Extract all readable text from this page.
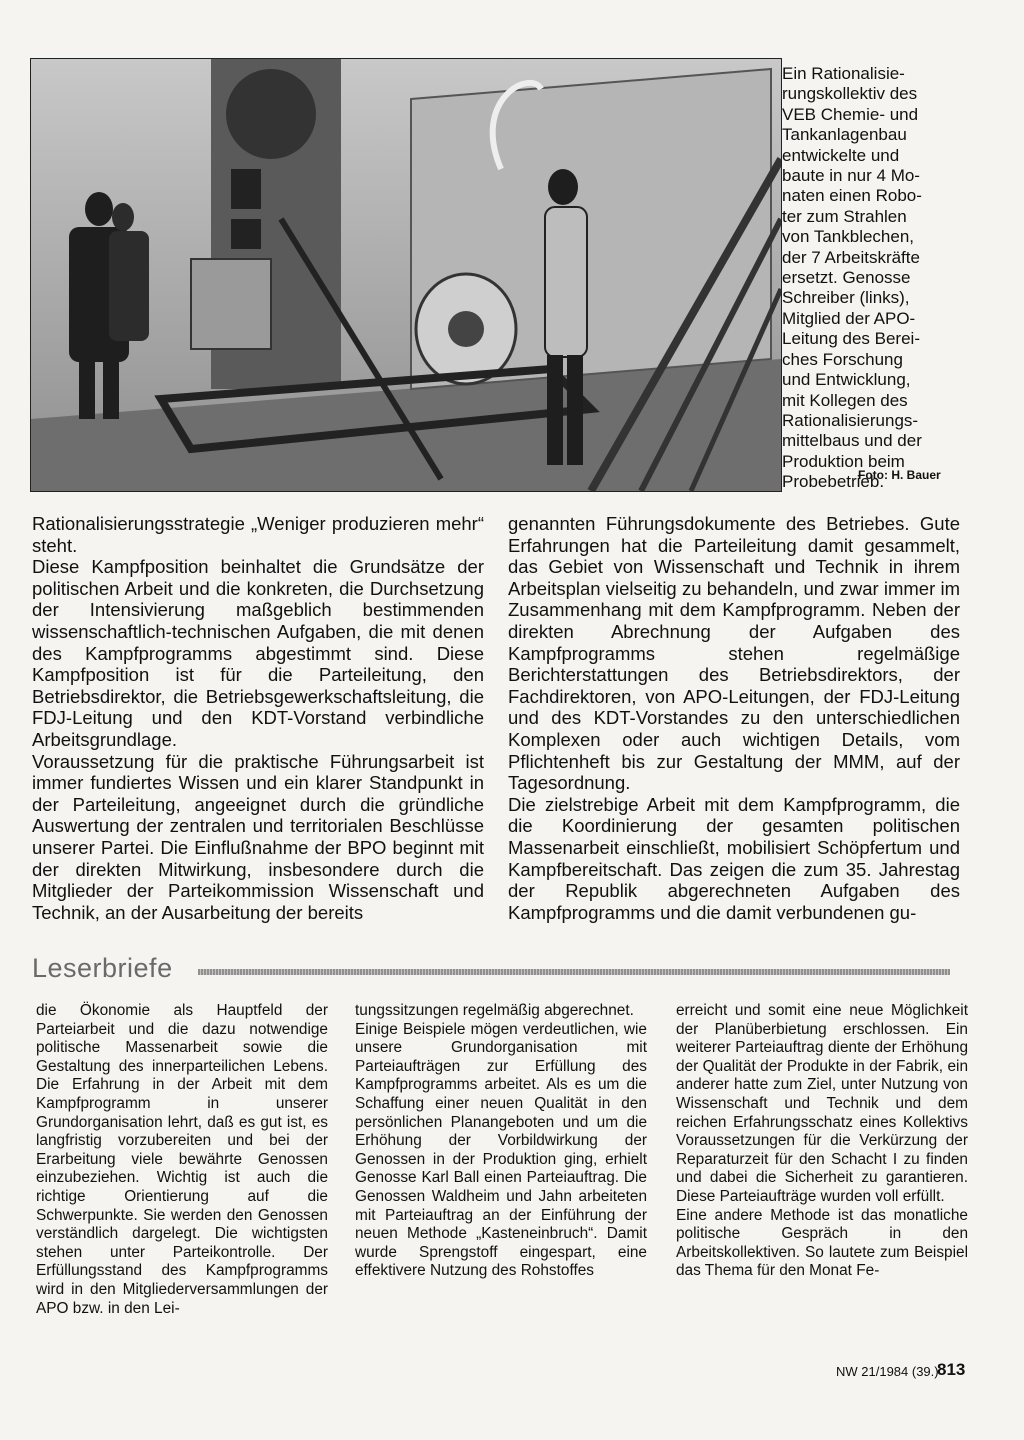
Ein Rationalisie-

rungskollektiv des

VEB Chemie- und

Tankanlagenbau

entwickelte und

baute in nur 4 Mo-

naten einen Robo-

ter zum Strahlen

von Tankblechen,

der 7 Arbeitskräfte

ersetzt. Genosse

Schreiber (links),

Mitglied der APO-

Leitung des Berei-

ches Forschung

und Entwicklung,

mit Kollegen des

Rationalisierungs-

mittelbaus und der

Produktion beim

Probebetrieb.

Foto: H. Bauer

Rationalisierungsstrategie „Weniger produzieren mehr“ steht.

Diese Kampfposition beinhaltet die Grundsätze der politischen Arbeit und die konkreten, die Durchsetzung der Intensivierung maßgeblich bestimmenden wissenschaftlich-technischen Aufgaben, die mit denen des Kampfprogramms abgestimmt sind. Diese Kampfposition ist für die Parteileitung, den Betriebsdirektor, die Betriebsgewerkschaftsleitung, die FDJ-Leitung und den KDT-Vorstand verbindliche Arbeitsgrundlage.

Voraussetzung für die praktische Führungsarbeit ist immer fundiertes Wissen und ein klarer Standpunkt in der Parteileitung, angeeignet durch die gründliche Auswertung der zentralen und territorialen Beschlüsse unserer Partei. Die Einflußnahme der BPO beginnt mit der direkten Mitwirkung, insbesondere durch die Mitglieder der Parteikommission Wissenschaft und Technik, an der Ausarbeitung der bereits

genannten Führungsdokumente des Betriebes. Gute Erfahrungen hat die Parteileitung damit gesammelt, das Gebiet von Wissenschaft und Technik in ihrem Arbeitsplan vielseitig zu behandeln, und zwar immer im Zusammenhang mit dem Kampfprogramm. Neben der direkten Abrechnung der Aufgaben des Kampfprogramms stehen regelmäßige Berichterstattungen des Betriebsdirektors, der Fachdirektoren, von APO-Leitungen, der FDJ-Leitung und des KDT-Vorstandes zu den unterschiedlichen Komplexen oder auch wichtigen Details, vom Pflichtenheft bis zur Gestaltung der MMM, auf der Tagesordnung.

Die zielstrebige Arbeit mit dem Kampfprogramm, die die Koordinierung der gesamten politischen Massenarbeit einschließt, mobilisiert Schöpfertum und Kampfbereitschaft. Das zeigen die zum 35. Jahrestag der Republik abgerechneten Aufgaben des Kampfprogramms und die damit verbundenen gu-

Leserbriefe

die Ökonomie als Hauptfeld der Parteiarbeit und die dazu notwendige politische Massenarbeit sowie die Gestaltung des innerparteilichen Lebens. Die Erfahrung in der Arbeit mit dem Kampfprogramm in unserer Grundorganisation lehrt, daß es gut ist, es langfristig vorzubereiten und bei der Erarbeitung viele bewährte Genossen einzubeziehen. Wichtig ist auch die richtige Orientierung auf die Schwerpunkte. Sie werden den Genossen verständlich dargelegt. Die wichtigsten stehen unter Parteikontrolle. Der Erfüllungsstand des Kampfprogramms wird in den Mitgliederversammlungen der APO bzw. in den Lei-

tungssitzungen regelmäßig abgerechnet.

Einige Beispiele mögen verdeutlichen, wie unsere Grundorganisation mit Parteiaufträgen zur Erfüllung des Kampfprogramms arbeitet. Als es um die Schaffung einer neuen Qualität in den persönlichen Planangeboten und um die Erhöhung der Vorbildwirkung der Genossen in der Produktion ging, erhielt Genosse Karl Ball einen Parteiauftrag. Die Genossen Waldheim und Jahn arbeiteten mit Parteiauftrag an der Einführung der neuen Methode „Kasteneinbruch“. Damit wurde Sprengstoff eingespart, eine effektivere Nutzung des Rohstoffes

erreicht und somit eine neue Möglichkeit der Planüberbietung erschlossen. Ein weiterer Parteiauftrag diente der Erhöhung der Qualität der Produkte in der Fabrik, ein anderer hatte zum Ziel, unter Nutzung von Wissenschaft und Technik und dem reichen Erfahrungsschatz eines Kollektivs Voraussetzungen für die Verkürzung der Reparaturzeit für den Schacht I zu finden und dabei die Sicherheit zu garantieren. Diese Parteiaufträge wurden voll erfüllt.

Eine andere Methode ist das monatliche politische Gespräch in den Arbeitskollektiven. So lautete zum Beispiel das Thema für den Monat Fe-

NW 21/1984 (39.)
813
